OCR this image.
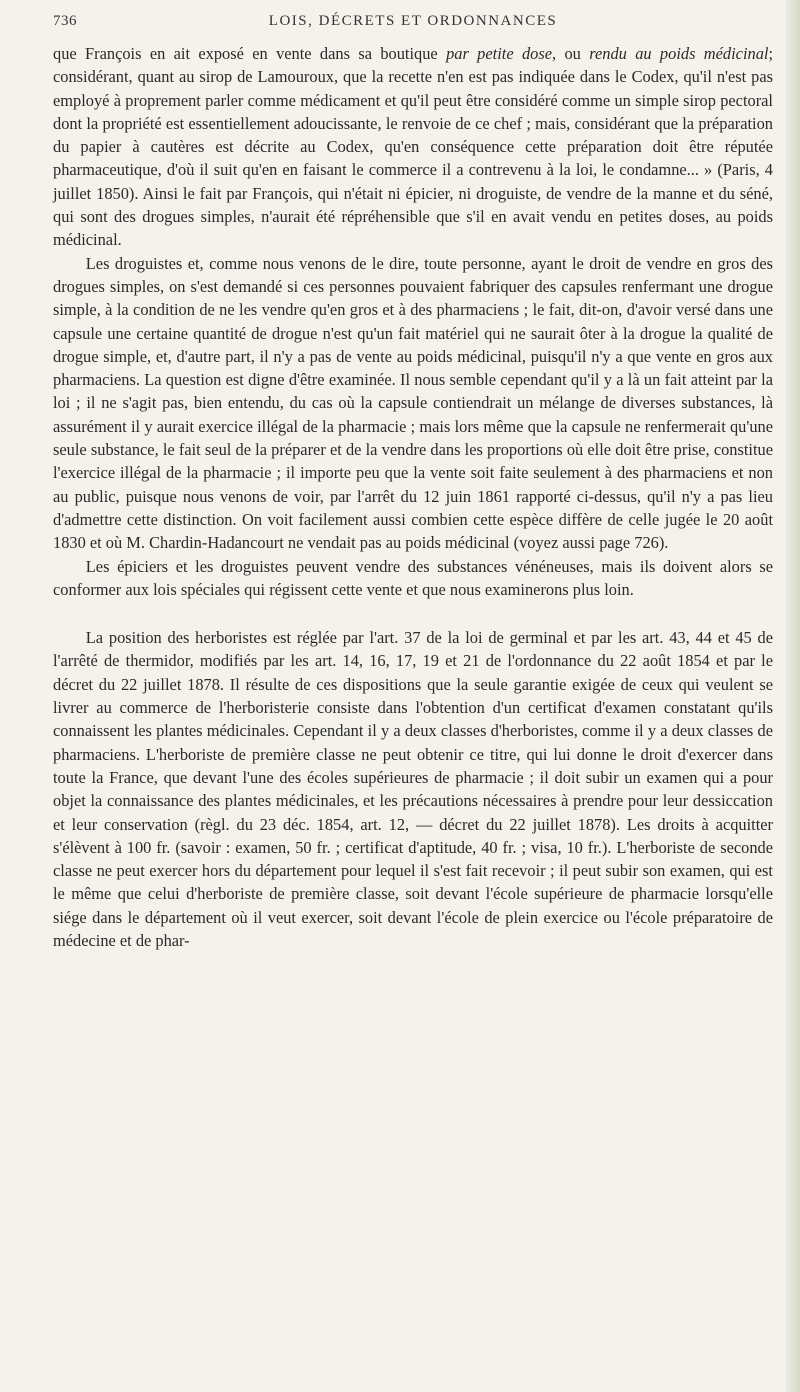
736	LOIS, DÉCRETS ET ORDONNANCES

que François en ait exposé en vente dans sa boutique par petite dose, ou rendu au poids médicinal; considérant, quant au sirop de Lamouroux, que la recette n'en est pas indiquée dans le Codex, qu'il n'est pas employé à proprement parler comme médicament et qu'il peut être considéré comme un simple sirop pectoral dont la propriété est essentiellement adoucissante, le renvoie de ce chef ; mais, considérant que la préparation du papier à cautères est décrite au Codex, qu'en conséquence cette préparation doit être réputée pharmaceutique, d'où il suit qu'en en faisant le commerce il a contrevenu à la loi, le condamne... » (Paris, 4 juillet 1850). Ainsi le fait par François, qui n'était ni épicier, ni droguiste, de vendre de la manne et du séné, qui sont des drogues simples, n'aurait été répréhensible que s'il en avait vendu en petites doses, au poids médicinal.

Les droguistes et, comme nous venons de le dire, toute personne, ayant le droit de vendre en gros des drogues simples, on s'est demandé si ces personnes pouvaient fabriquer des capsules renfermant une drogue simple, à la condition de ne les vendre qu'en gros et à des pharmaciens ; le fait, dit-on, d'avoir versé dans une capsule une certaine quantité de drogue n'est qu'un fait matériel qui ne saurait ôter à la drogue la qualité de drogue simple, et, d'autre part, il n'y a pas de vente au poids médicinal, puisqu'il n'y a que vente en gros aux pharmaciens. La question est digne d'être examinée. Il nous semble cependant qu'il y a là un fait atteint par la loi ; il ne s'agit pas, bien entendu, du cas où la capsule contiendrait un mélange de diverses substances, là assurément il y aurait exercice illégal de la pharmacie ; mais lors même que la capsule ne renfermerait qu'une seule substance, le fait seul de la préparer et de la vendre dans les proportions où elle doit être prise, constitue l'exercice illégal de la pharmacie ; il importe peu que la vente soit faite seulement à des pharmaciens et non au public, puisque nous venons de voir, par l'arrêt du 12 juin 1861 rapporté ci-dessus, qu'il n'y a pas lieu d'admettre cette distinction. On voit facilement aussi combien cette espèce diffère de celle jugée le 20 août 1830 et où M. Chardin-Hadancourt ne vendait pas au poids médicinal (voyez aussi page 726).

Les épiciers et les droguistes peuvent vendre des substances vénéneuses, mais ils doivent alors se conformer aux lois spéciales qui régissent cette vente et que nous examinerons plus loin.

La position des herboristes est réglée par l'art. 37 de la loi de germinal et par les art. 43, 44 et 45 de l'arrêté de thermidor, modifiés par les art. 14, 16, 17, 19 et 21 de l'ordonnance du 22 août 1854 et par le décret du 22 juillet 1878. Il résulte de ces dispositions que la seule garantie exigée de ceux qui veulent se livrer au commerce de l'herboristerie consiste dans l'obtention d'un certificat d'examen constatant qu'ils connaissent les plantes médicinales. Cependant il y a deux classes d'herboristes, comme il y a deux classes de pharmaciens. L'herboriste de première classe ne peut obtenir ce titre, qui lui donne le droit d'exercer dans toute la France, que devant l'une des écoles supérieures de pharmacie ; il doit subir un examen qui a pour objet la connaissance des plantes médicinales, et les précautions nécessaires à prendre pour leur dessiccation et leur conservation (règl. du 23 déc. 1854, art. 12, — décret du 22 juillet 1878). Les droits à acquitter s'élèvent à 100 fr. (savoir : examen, 50 fr. ; certificat d'aptitude, 40 fr. ; visa, 10 fr.). L'herboriste de seconde classe ne peut exercer hors du département pour lequel il s'est fait recevoir ; il peut subir son examen, qui est le même que celui d'herboriste de première classe, soit devant l'école supérieure de pharmacie lorsqu'elle siége dans le département où il veut exercer, soit devant l'école de plein exercice ou l'école préparatoire de médecine et de phar-
